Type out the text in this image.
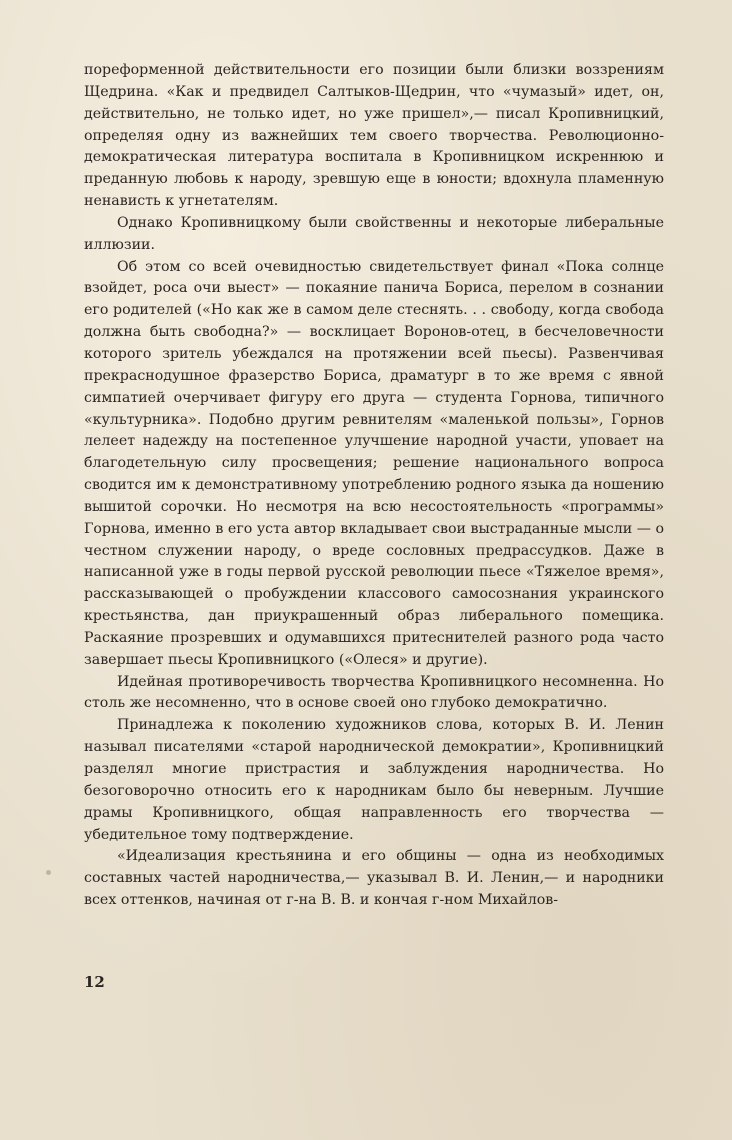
пореформенной действительности его позиции были близки воззрениям Щедрина. «Как и предвидел Салтыков-Щедрин, что «чумазый» идет, он, действительно, не только идет, но уже пришел»,— писал Кропивницкий, определяя одну из важнейших тем своего творчества. Революционно-демократическая литература воспитала в Кропивницком искреннюю и преданную любовь к народу, зревшую еще в юности; вдохнула пламенную ненависть к угнетателям.

Однако Кропивницкому были свойственны и некоторые либеральные иллюзии.

Об этом со всей очевидностью свидетельствует финал «Пока солнце взойдет, роса очи выест» — покаяние панича Бориса, перелом в сознании его родителей («Но как же в самом деле стеснять. . . свободу, когда свобода должна быть свободна?» — восклицает Воронов-отец, в бесчеловечности которого зритель убеждался на протяжении всей пьесы). Развенчивая прекраснодушное фразерство Бориса, драматург в то же время с явной симпатией очерчивает фигуру его друга — студента Горнова, типичного «культурника». Подобно другим ревнителям «маленькой пользы», Горнов лелеет надежду на постепенное улучшение народной участи, уповает на благодетельную силу просвещения; решение национального вопроса сводится им к демонстративному употреблению родного языка да ношению вышитой сорочки. Но несмотря на всю несостоятельность «программы» Горнова, именно в его уста автор вкладывает свои выстраданные мысли — о честном служении народу, о вреде сословных предрассудков. Даже в написанной уже в годы первой русской революции пьесе «Тяжелое время», рассказывающей о пробуждении классового самосознания украинского крестьянства, дан приукрашенный образ либерального помещика. Раскаяние прозревших и одумавшихся притеснителей разного рода часто завершает пьесы Кропивницкого («Олеся» и другие).

Идейная противоречивость творчества Кропивницкого несомненна. Но столь же несомненно, что в основе своей оно глубоко демократично.

Принадлежа к поколению художников слова, которых В. И. Ленин называл писателями «старой народнической демократии», Кропивницкий разделял многие пристрастия и заблуждения народничества. Но безоговорочно относить его к народникам было бы неверным. Лучшие драмы Кропивницкого, общая направленность его творчества — убедительное тому подтверждение.

«Идеализация крестьянина и его общины — одна из необходимых составных частей народничества,— указывал В. И. Ленин,— и народники всех оттенков, начиная от г-на В. В. и кончая г-ном Михайлов-

12
